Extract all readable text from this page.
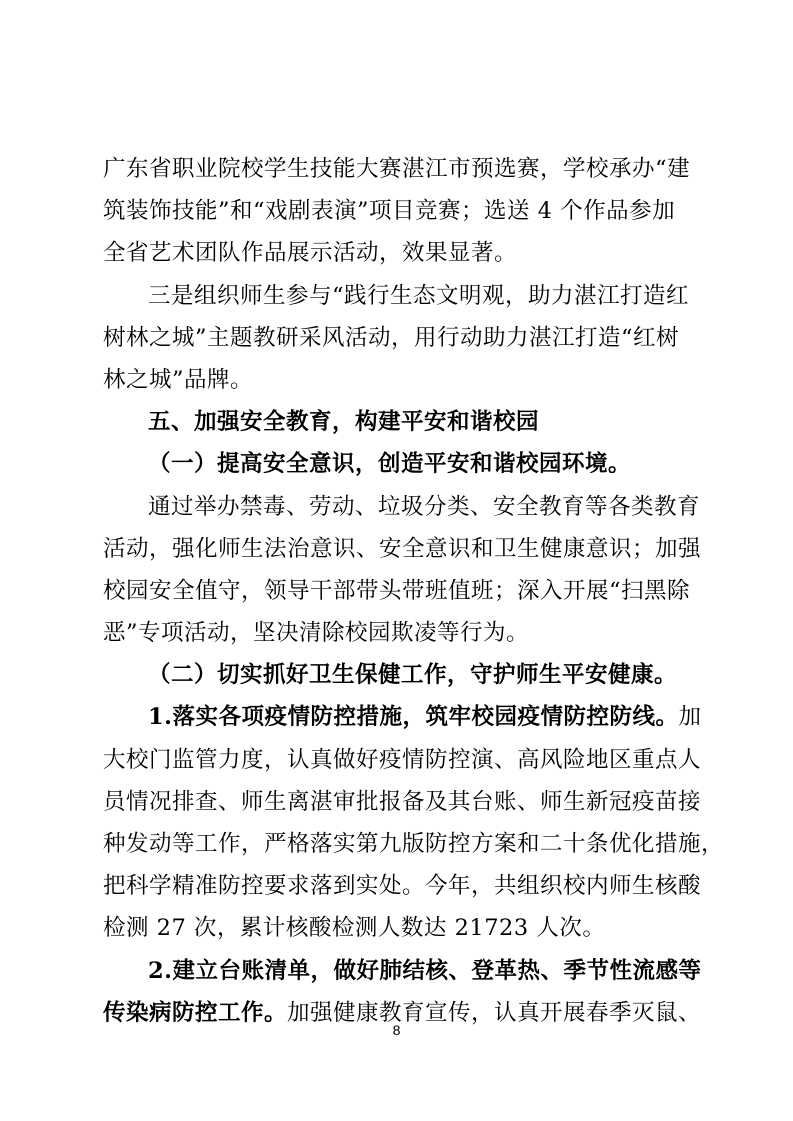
广东省职业院校学生技能大赛湛江市预选赛，学校承办“建
筑装饰技能”和“戏剧表演”项目竞赛；选送 4 个作品参加
全省艺术团队作品展示活动，效果显著。
三是组织师生参与“践行生态文明观，助力湛江打造红
树林之城”主题教研采风活动，用行动助力湛江打造“红树
林之城”品牌。
五、加强安全教育，构建平安和谐校园
（一）提高安全意识，创造平安和谐校园环境。
通过举办禁毒、劳动、垃圾分类、安全教育等各类教育
活动，强化师生法治意识、安全意识和卫生健康意识；加强
校园安全值守，领导干部带头带班值班；深入开展“扫黑除
恶”专项活动，坚决清除校园欺凌等行为。
（二）切实抓好卫生保健工作，守护师生平安健康。
1.落实各项疫情防控措施，筑牢校园疫情防控防线。加
大校门监管力度，认真做好疫情防控演、高风险地区重点人
员情况排查、师生离湛审批报备及其台账、师生新冠疫苗接
种发动等工作，严格落实第九版防控方案和二十条优化措施，
把科学精准防控要求落到实处。今年，共组织校内师生核酸
检测 27 次，累计核酸检测人数达 21723 人次。
2.建立台账清单，做好肺结核、登革热、季节性流感等
传染病防控工作。加强健康教育宣传，认真开展春季灭鼠、
8
